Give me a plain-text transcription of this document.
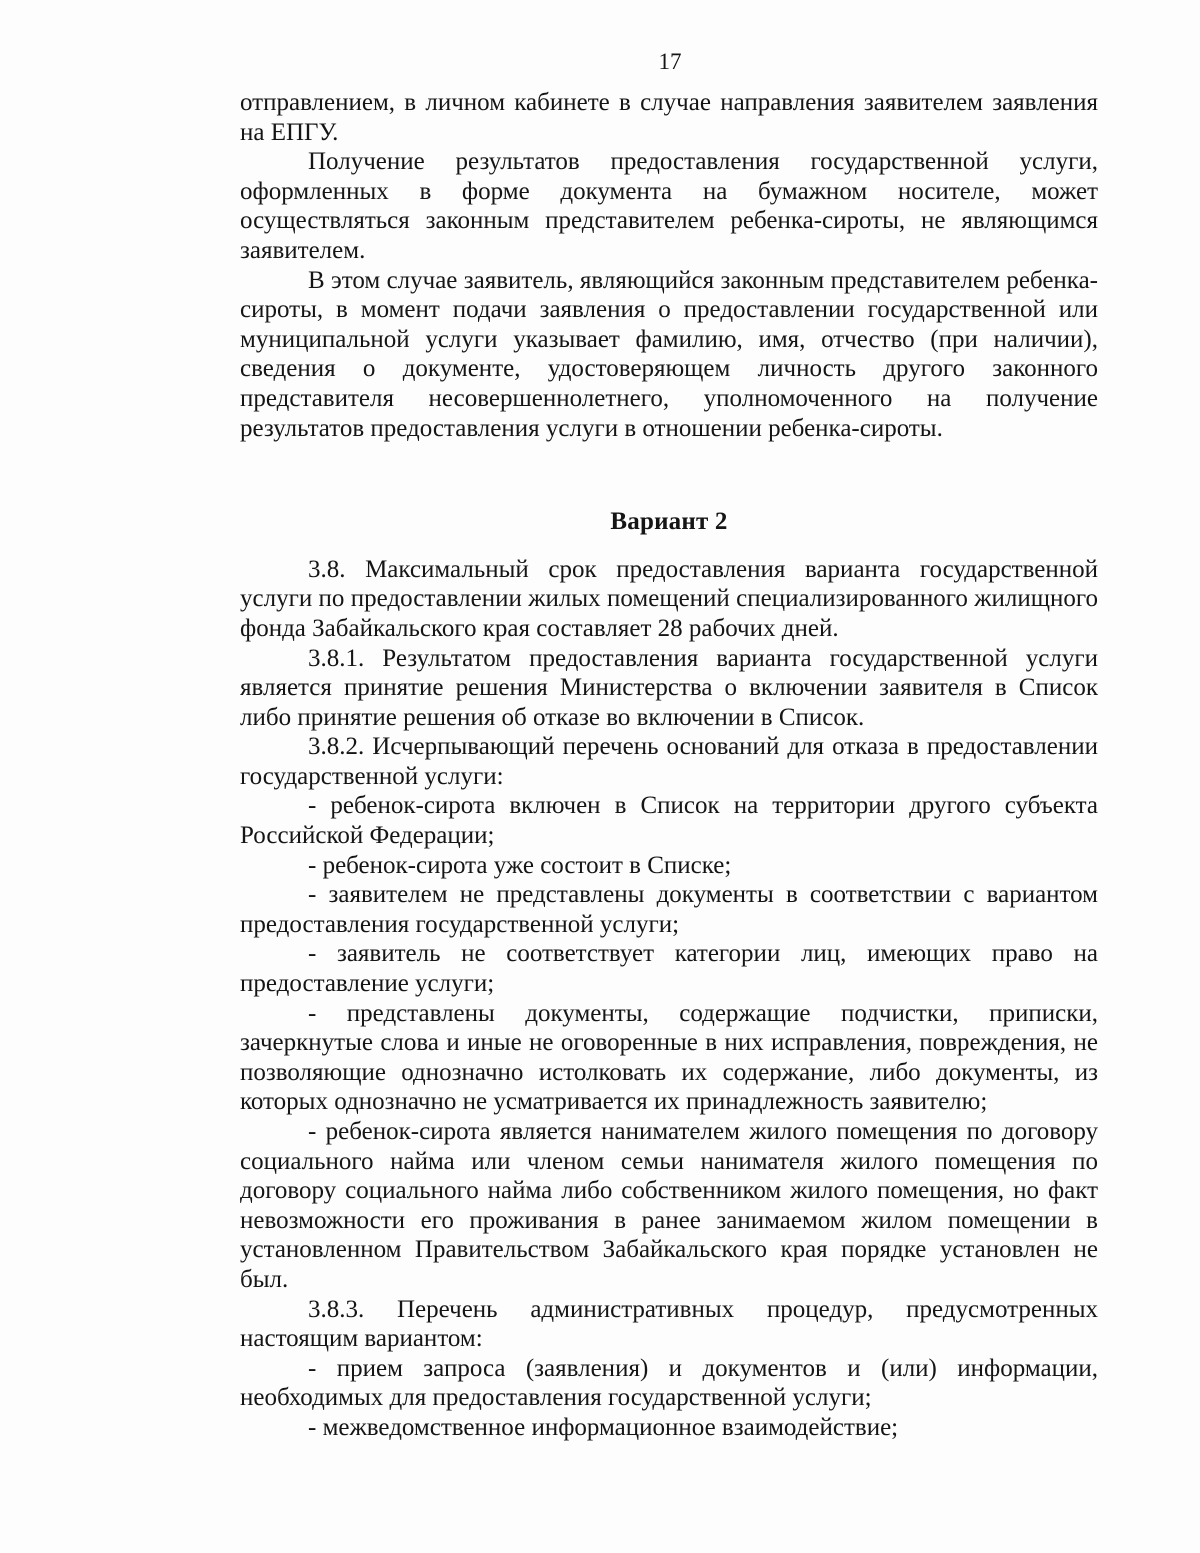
17

отправлением, в личном кабинете в случае направления заявителем заявления на ЕПГУ.

Получение результатов предоставления государственной услуги, оформленных в форме документа на бумажном носителе, может осуществляться законным представителем ребенка-сироты, не являющимся заявителем.

В этом случае заявитель, являющийся законным представителем ребенка-сироты, в момент подачи заявления о предоставлении государственной или муниципальной услуги указывает фамилию, имя, отчество (при наличии), сведения о документе, удостоверяющем личность другого законного представителя несовершеннолетнего, уполномоченного на получение результатов предоставления услуги в отношении ребенка-сироты.

Вариант 2

3.8. Максимальный срок предоставления варианта государственной услуги по предоставлении жилых помещений специализированного жилищного фонда Забайкальского края составляет 28 рабочих дней.

3.8.1. Результатом предоставления варианта государственной услуги является принятие решения Министерства о включении заявителя в Список либо принятие решения об отказе во включении в Список.

3.8.2. Исчерпывающий перечень оснований для отказа в предоставлении государственной услуги:

- ребенок-сирота включен в Список на территории другого субъекта Российской Федерации;

- ребенок-сирота уже состоит в Списке;

- заявителем не представлены документы в соответствии с вариантом предоставления государственной услуги;

- заявитель не соответствует категории лиц, имеющих право на предоставление услуги;

- представлены документы, содержащие подчистки, приписки, зачеркнутые слова и иные не оговоренные в них исправления, повреждения, не позволяющие однозначно истолковать их содержание, либо документы, из которых однозначно не усматривается их принадлежность заявителю;

- ребенок-сирота является нанимателем жилого помещения по договору социального найма или членом семьи нанимателя жилого помещения по договору социального найма либо собственником жилого помещения, но факт невозможности его проживания в ранее занимаемом жилом помещении в установленном Правительством Забайкальского края порядке установлен не был.

3.8.3. Перечень административных процедур, предусмотренных настоящим вариантом:

- прием запроса (заявления) и документов и (или) информации, необходимых для предоставления государственной услуги;

- межведомственное информационное взаимодействие;
